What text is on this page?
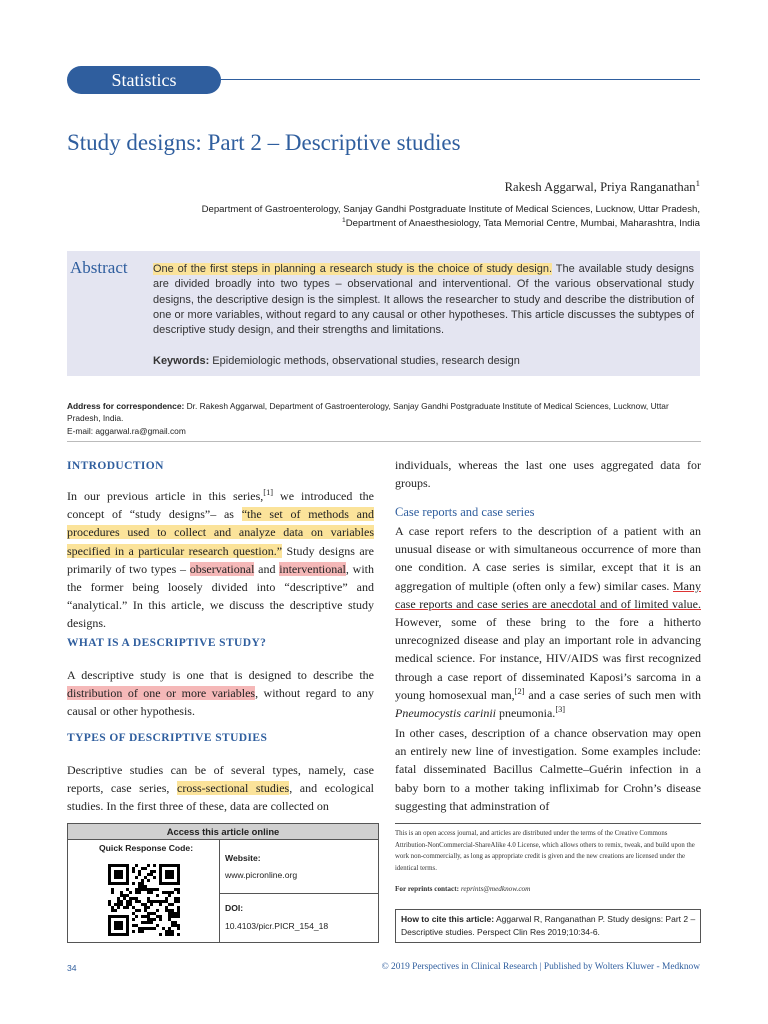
Statistics
Study designs: Part 2 – Descriptive studies
Rakesh Aggarwal, Priya Ranganathan$^1$
Department of Gastroenterology, Sanjay Gandhi Postgraduate Institute of Medical Sciences, Lucknow, Uttar Pradesh,
$^1$Department of Anaesthesiology, Tata Memorial Centre, Mumbai, Maharashtra, India
Abstract One of the first steps in planning a research study is the choice of study design. The available study designs are divided broadly into two types – observational and interventional. Of the various observational study designs, the descriptive design is the simplest. It allows the researcher to study and describe the distribution of one or more variables, without regard to any causal or other hypotheses. This article discusses the subtypes of descriptive study design, and their strengths and limitations.
Keywords: Epidemiologic methods, observational studies, research design
Address for correspondence: Dr. Rakesh Aggarwal, Department of Gastroenterology, Sanjay Gandhi Postgraduate Institute of Medical Sciences, Lucknow, Uttar Pradesh, India.
E-mail: aggarwal.ra@gmail.com
INTRODUCTION

In our previous article in this series,[1] we introduced the concept of “study designs”– as “the set of methods and procedures used to collect and analyze data on variables specified in a particular research question.” Study designs are primarily of two types – observational and interventional, with the former being loosely divided into “descriptive” and “analytical.” In this article, we discuss the descriptive study designs.

WHAT IS A DESCRIPTIVE STUDY?

A descriptive study is one that is designed to describe the distribution of one or more variables, without regard to any causal or other hypothesis.

TYPES OF DESCRIPTIVE STUDIES

Descriptive studies can be of several types, namely, case reports, case series, cross-sectional studies, and ecological studies. In the first three of these, data are collected on

individuals, whereas the last one uses aggregated data for groups.
Case reports and case series

A case report refers to the description of a patient with an unusual disease or with simultaneous occurrence of more than one condition. A case series is similar, except that it is an aggregation of multiple (often only a few) similar cases. Many case reports and case series are anecdotal and of limited value. However, some of these bring to the fore a hitherto unrecognized disease and play an important role in advancing medical science. For instance, HIV/AIDS was first recognized through a case report of disseminated Kaposi’s sarcoma in a young homosexual man,[2] and a case series of such men with Pneumocystis carinii pneumonia.[3]

In other cases, description of a chance observation may open an entirely new line of investigation. Some examples include: fatal disseminated Bacillus Calmette–Guérin infection in a baby born to a mother taking infliximab for Crohn’s disease suggesting that adminstration of
Access this article online
Quick Response Code:
Website:
www.picronline.org
DOI:
10.4103/picr.PICR_154_18
This is an open access journal, and articles are distributed under the terms of the Creative Commons Attribution-NonCommercial-ShareAlike 4.0 License, which allows others to remix, tweak, and build upon the work non-commercially, as long as appropriate credit is given and the new creations are licensed under the identical terms.
For reprints contact: reprints@medknow.com
How to cite this article: Aggarwal R, Ranganathan P. Study designs: Part 2 – Descriptive studies. Perspect Clin Res 2019;10:34-6.
34	© 2019 Perspectives in Clinical Research | Published by Wolters Kluwer - Medknow
